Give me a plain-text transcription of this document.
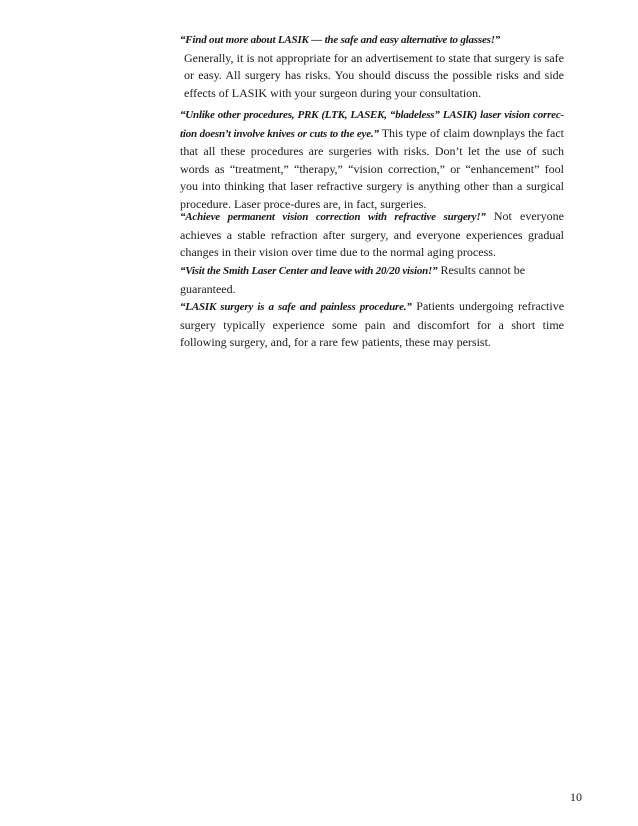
“Find out more about LASIK — the safe and easy alternative to glasses!”
Generally, it is not appropriate for an advertisement to state that surgery is safe or easy. All surgery has risks. You should discuss the possible risks and side effects of LASIK with your surgeon during your consultation.
“Unlike other procedures, PRK (LTK, LASEK, “bladeless” LASIK) laser vision correc-tion doesn’t involve knives or cuts to the eye.” This type of claim downplays the fact that all these procedures are surgeries with risks. Don’t let the use of such words as “treatment,” “therapy,” “vision correction,” or “enhancement” fool you into thinking that laser refractive surgery is anything other than a surgical procedure. Laser proce-dures are, in fact, surgeries.
“Achieve permanent vision correction with refractive surgery!” Not everyone achieves a stable refraction after surgery, and everyone experiences gradual changes in their vision over time due to the normal aging process.
“Visit the Smith Laser Center and leave with 20/20 vision!” Results cannot be guaranteed.
“LASIK surgery is a safe and painless procedure.” Patients undergoing refractive surgery typically experience some pain and discomfort for a short time following surgery, and, for a rare few patients, these may persist.
10
